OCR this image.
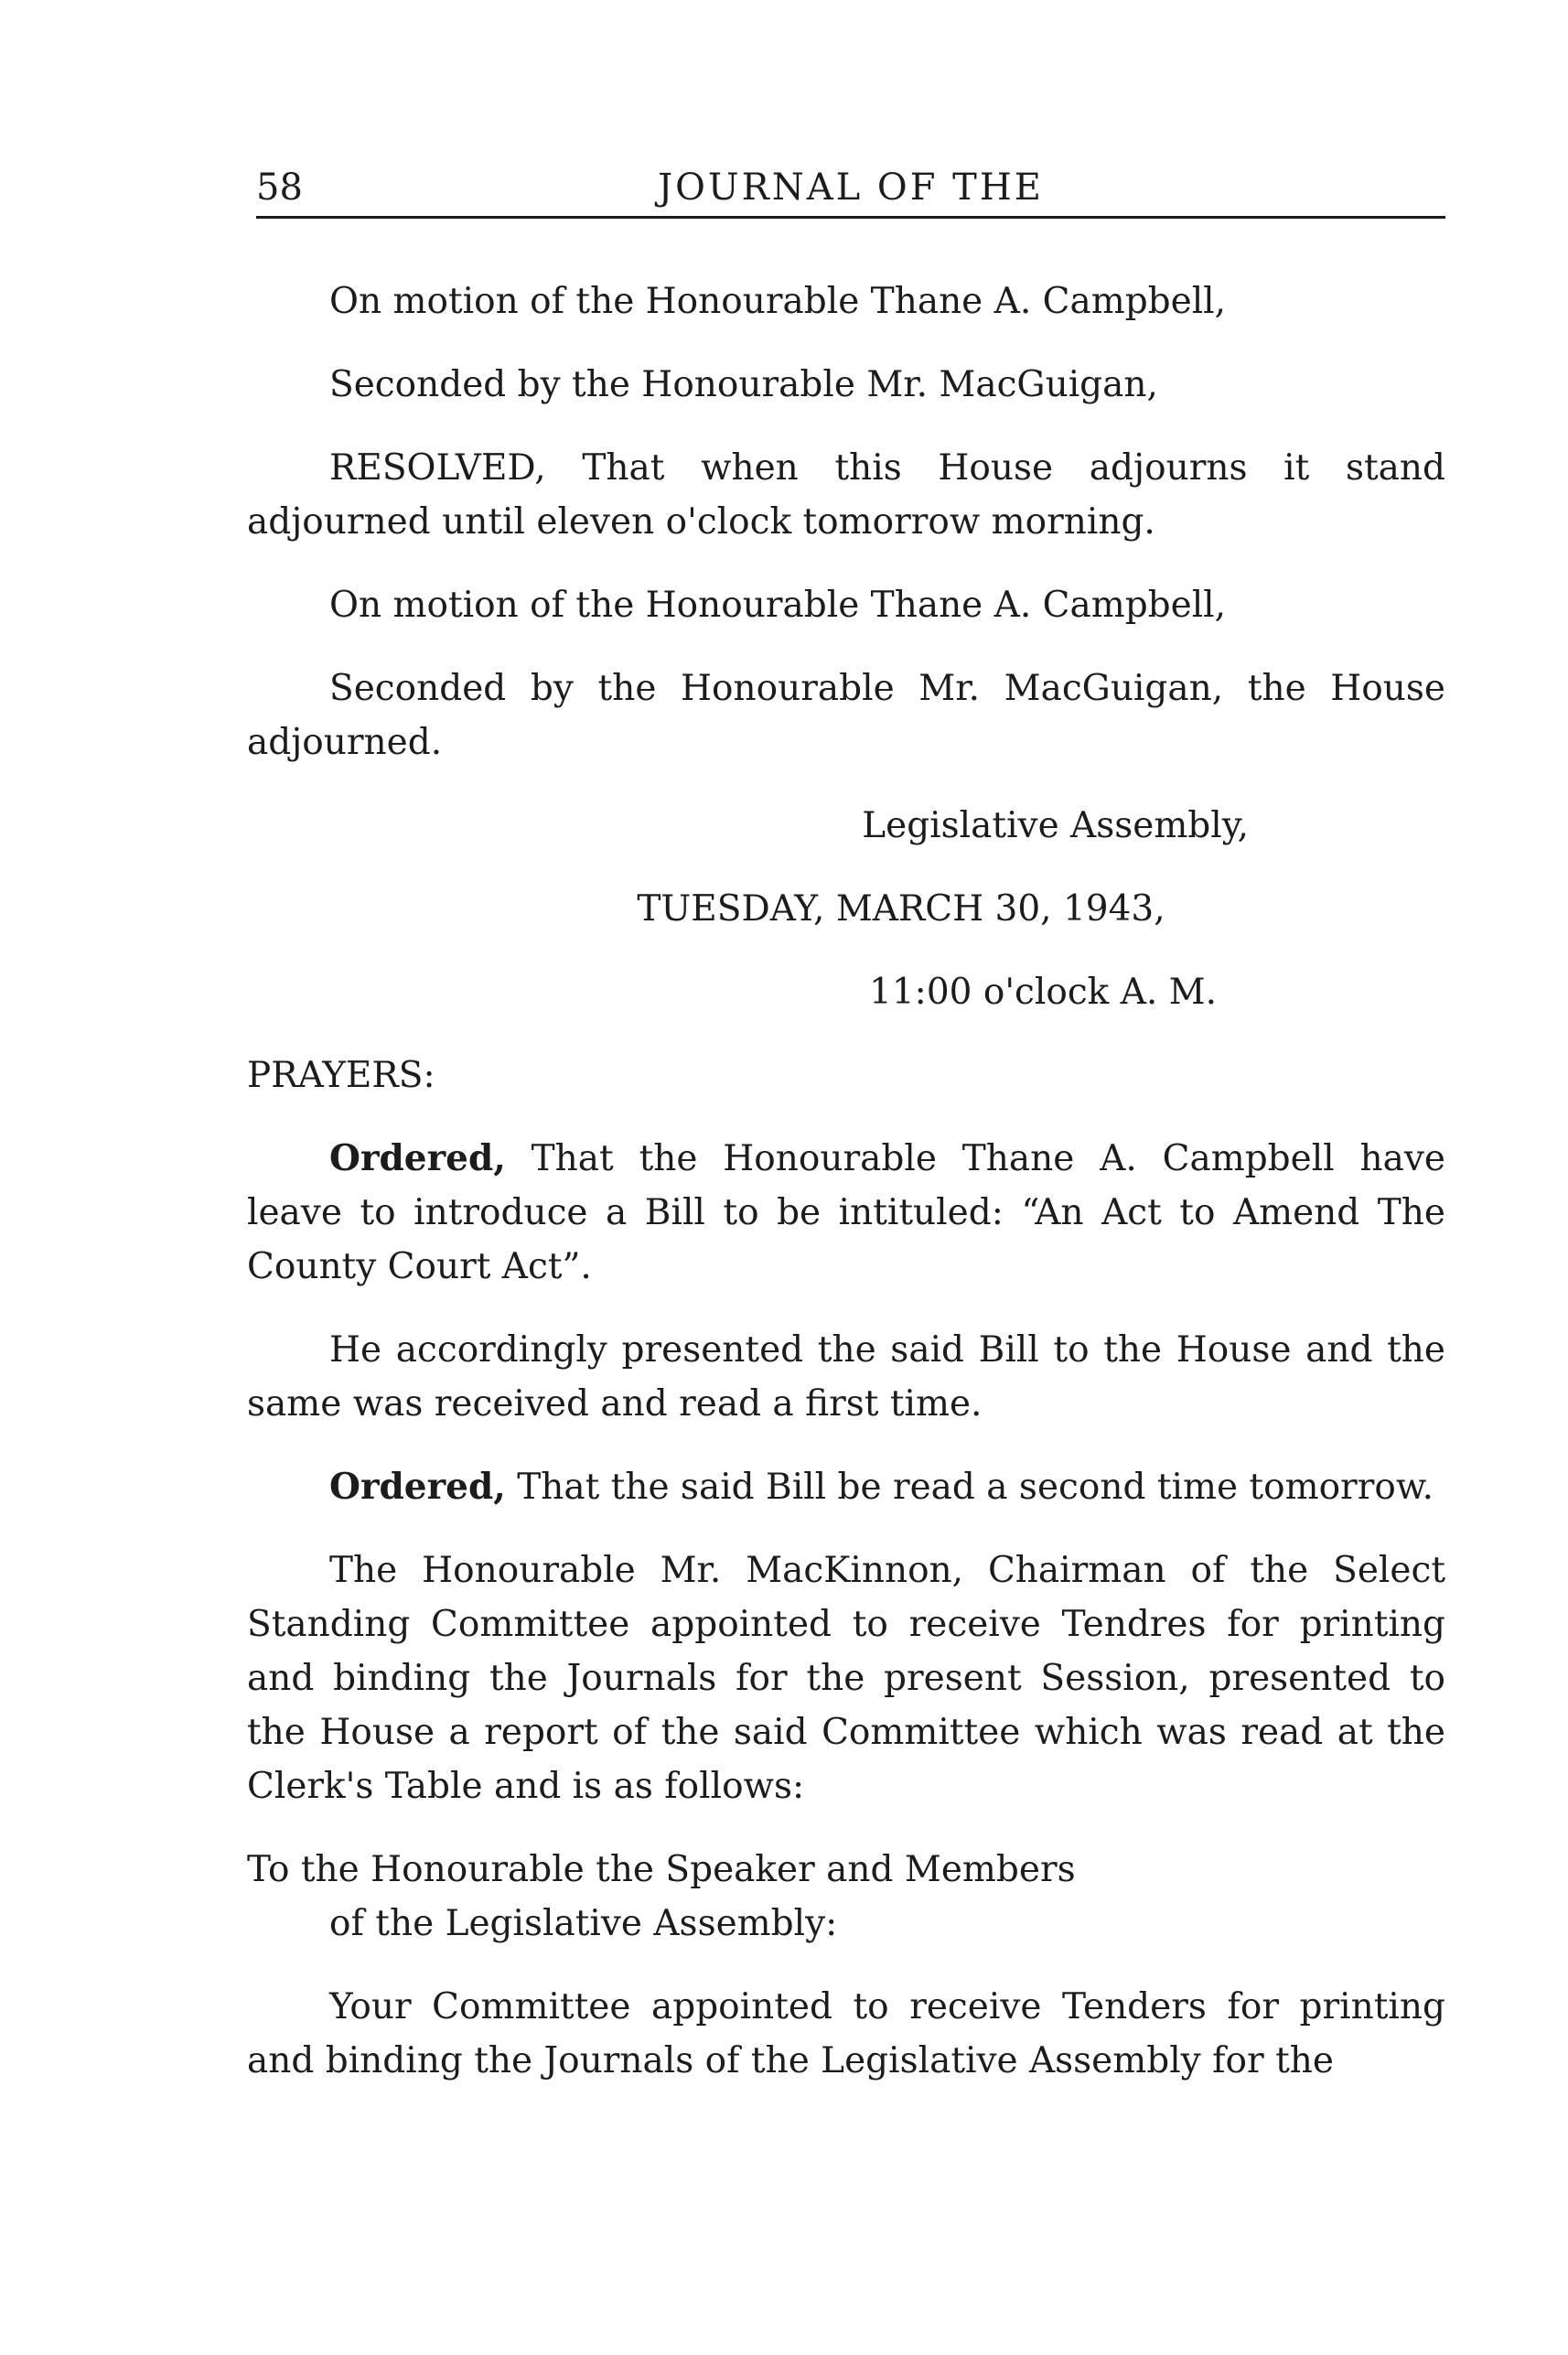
58	JOURNAL OF THE

On motion of the Honourable Thane A. Campbell,

Seconded by the Honourable Mr. MacGuigan,

RESOLVED, That when this House adjourns it stand adjourned until eleven o'clock tomorrow morning.

On motion of the Honourable Thane A. Campbell,

Seconded by the Honourable Mr. MacGuigan, the House adjourned.

Legislative Assembly,
TUESDAY, MARCH 30, 1943,
11:00 o'clock A. M.

PRAYERS:

Ordered, That the Honourable Thane A. Campbell have leave to introduce a Bill to be intituled: “An Act to Amend The County Court Act”.

He accordingly presented the said Bill to the House and the same was received and read a first time.

Ordered, That the said Bill be read a second time tomorrow.

The Honourable Mr. MacKinnon, Chairman of the Select Standing Committee appointed to receive Tendres for printing and binding the Journals for the present Session, presented to the House a report of the said Committee which was read at the Clerk's Table and is as follows:

To the Honourable the Speaker and Members
of the Legislative Assembly:

Your Committee appointed to receive Tenders for printing and binding the Journals of the Legislative Assembly for the
